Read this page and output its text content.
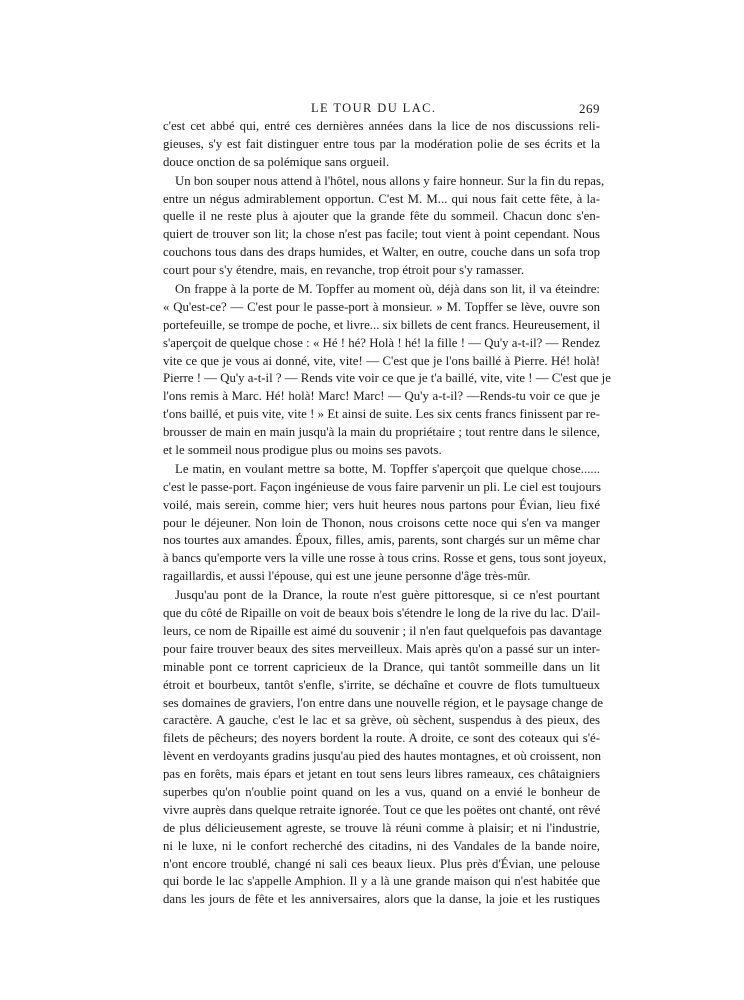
LE TOUR DU LAC.	269
c'est cet abbé qui, entré ces dernières années dans la lice de nos discussions reli-
gieuses, s'y est fait distinguer entre tous par la modération polie de ses écrits et la
douce onction de sa polémique sans orgueil.
Un bon souper nous attend à l'hôtel, nous allons y faire honneur. Sur la fin du repas,
entre un négus admirablement opportun. C'est M. M... qui nous fait cette fête, à la-
quelle il ne reste plus à ajouter que la grande fête du sommeil. Chacun donc s'en-
quiert de trouver son lit; la chose n'est pas facile; tout vient à point cependant. Nous
couchons tous dans des draps humides, et Walter, en outre, couche dans un sofa trop
court pour s'y étendre, mais, en revanche, trop étroit pour s'y ramasser.
On frappe à la porte de M. Topffer au moment où, déjà dans son lit, il va éteindre:
« Qu'est-ce? — C'est pour le passe-port à monsieur. » M. Topffer se lève, ouvre son
portefeuille, se trompe de poche, et livre... six billets de cent francs. Heureusement, il
s'aperçoit de quelque chose : « Hé ! hé? Holà ! hé! la fille ! — Qu'y a-t-il? — Rendez
vite ce que je vous ai donné, vite, vite! — C'est que je l'ons baillé à Pierre. Hé! holà!
Pierre ! — Qu'y a-t-il ? — Rends vite voir ce que je t'a baillé, vite, vite ! — C'est que je
l'ons remis à Marc. Hé! holà! Marc! Marc! — Qu'y a-t-il? —Rends-tu voir ce que je
t'ons baillé, et puis vite, vite ! » Et ainsi de suite. Les six cents francs finissent par re-
brousser de main en main jusqu'à la main du propriétaire ; tout rentre dans le silence,
et le sommeil nous prodigue plus ou moins ses pavots.
Le matin, en voulant mettre sa botte, M. Topffer s'aperçoit que quelque chose......
c'est le passe-port. Façon ingénieuse de vous faire parvenir un pli. Le ciel est toujours
voilé, mais serein, comme hier; vers huit heures nous partons pour Évian, lieu fixé
pour le déjeuner. Non loin de Thonon, nous croisons cette noce qui s'en va manger
nos tourtes aux amandes. Époux, filles, amis, parents, sont chargés sur un même char
à bancs qu'emporte vers la ville une rosse à tous crins. Rosse et gens, tous sont joyeux,
ragaillardis, et aussi l'épouse, qui est une jeune personne d'âge très-mûr.
Jusqu'au pont de la Drance, la route n'est guère pittoresque, si ce n'est pourtant
que du côté de Ripaille on voit de beaux bois s'étendre le long de la rive du lac. D'ail-
leurs, ce nom de Ripaille est aimé du souvenir ; il n'en faut quelquefois pas davantage
pour faire trouver beaux des sites merveilleux. Mais après qu'on a passé sur un inter-
minable pont ce torrent capricieux de la Drance, qui tantôt sommeille dans un lit
étroit et bourbeux, tantôt s'enfle, s'irrite, se déchaîne et couvre de flots tumultueux
ses domaines de graviers, l'on entre dans une nouvelle région, et le paysage change de
caractère. A gauche, c'est le lac et sa grève, où sèchent, suspendus à des pieux, des
filets de pêcheurs; des noyers bordent la route. A droite, ce sont des coteaux qui s'é-
lèvent en verdoyants gradins jusqu'au pied des hautes montagnes, et où croissent, non
pas en forêts, mais épars et jetant en tout sens leurs libres rameaux, ces châtaigniers
superbes qu'on n'oublie point quand on les a vus, quand on a envié le bonheur de
vivre auprès dans quelque retraite ignorée. Tout ce que les poëtes ont chanté, ont rêvé
de plus délicieusement agreste, se trouve là réuni comme à plaisir; et ni l'industrie,
ni le luxe, ni le confort recherché des citadins, ni des Vandales de la bande noire,
n'ont encore troublé, changé ni sali ces beaux lieux. Plus près d'Évian, une pelouse
qui borde le lac s'appelle Amphion. Il y a là une grande maison qui n'est habitée que
dans les jours de fête et les anniversaires, alors que la danse, la joie et les rustiques
